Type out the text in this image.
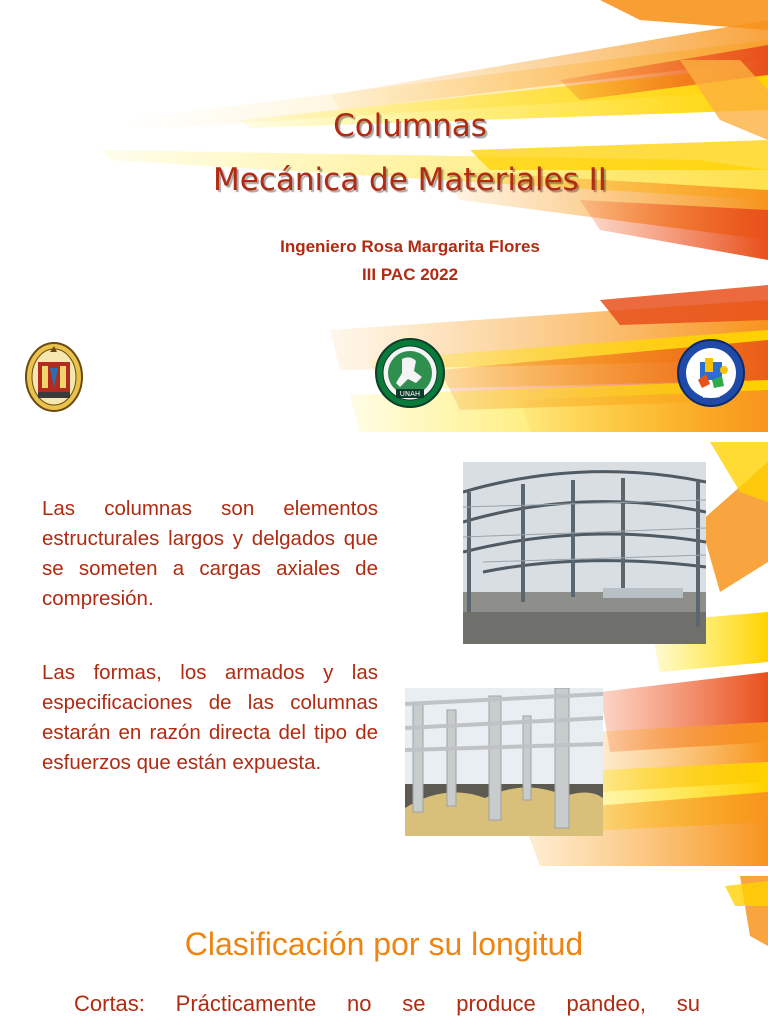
Columnas
Mecánica de Materiales II
Ingeniero Rosa Margarita Flores
III PAC 2022
UNAH	UNAH
Las columnas son elementos estructurales largos y delgados que se someten a cargas axiales de compresión.
Las formas, los armados y las especificaciones de las columnas estarán en razón directa del tipo de esfuerzos que están expuesta.
Clasificación por su longitud
Cortas: Prácticamente no se produce pandeo, su
